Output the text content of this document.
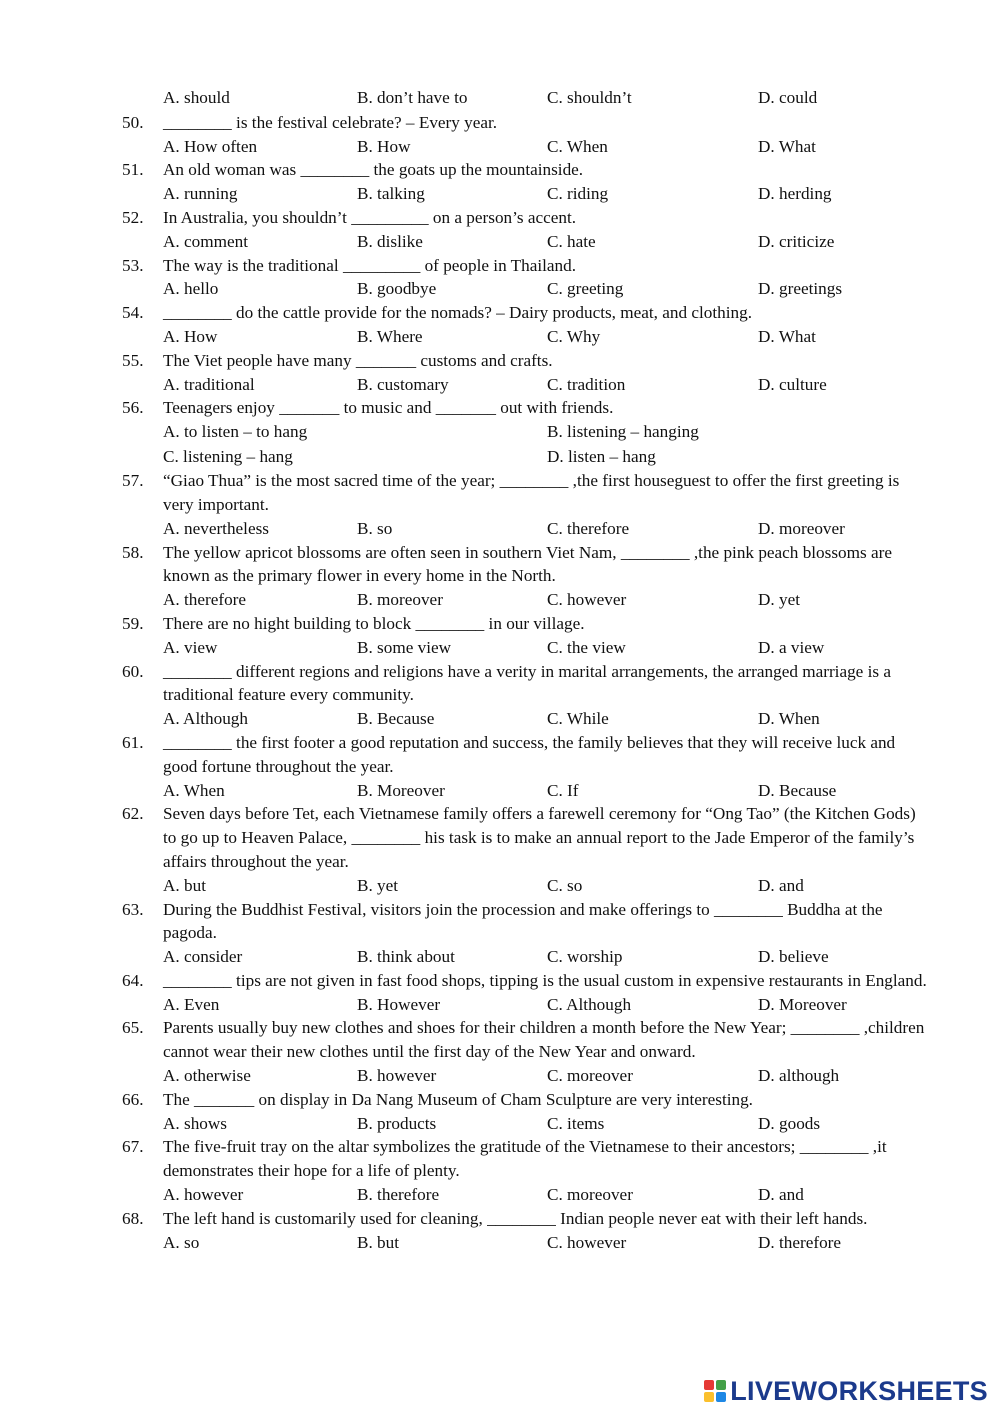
A. should	B. don’t have to	C. shouldn’t	D. could
50. ________ is the festival celebrate? – Every year.
A. How often	B. How	C. When	D. What
51. An old woman was ________ the goats up the mountainside.
A. running	B. talking	C. riding	D. herding
52. In Australia, you shouldn’t _________ on a person’s accent.
A. comment	B. dislike	C. hate	D. criticize
53. The way is the traditional _________ of people in Thailand.
A. hello	B. goodbye	C. greeting	D. greetings
54. ________ do the cattle provide for the nomads? – Dairy products, meat, and clothing.
A. How	B. Where	C. Why	D. What
55. The Viet people have many _______ customs and crafts.
A. traditional	B. customary	C. tradition	D. culture
56. Teenagers enjoy _______ to music and _______ out with friends.
A. to listen – to hang	B. listening – hanging
C. listening – hang	D. listen – hang
57. “Giao Thua” is the most sacred time of the year; ________ ,the first houseguest to offer the first greeting is very important.
A. nevertheless	B. so	C. therefore	D. moreover
58. The yellow apricot blossoms are often seen in southern Viet Nam, ________ ,the pink peach blossoms are known as the primary flower in every home in the North.
A. therefore	B. moreover	C. however	D. yet
59. There are no hight building to block ________ in our village.
A. view	B. some view	C. the view	D. a view
60. ________ different regions and religions have a verity in marital arrangements, the arranged marriage is a traditional feature every community.
A. Although	B. Because	C. While	D. When
61. ________ the first footer a good reputation and success, the family believes that they will receive luck and good fortune throughout the year.
A. When	B. Moreover	C. If	D. Because
62. Seven days before Tet, each Vietnamese family offers a farewell ceremony for “Ong Tao” (the Kitchen Gods) to go up to Heaven Palace, ________ his task is to make an annual report to the Jade Emperor of the family’s affairs throughout the year.
A. but	B. yet	C. so	D. and
63. During the Buddhist Festival, visitors join the procession and make offerings to ________ Buddha at the pagoda.
A. consider	B. think about	C. worship	D. believe
64. ________ tips are not given in fast food shops, tipping is the usual custom in expensive restaurants in England.
A. Even	B. However	C. Although	D. Moreover
65. Parents usually buy new clothes and shoes for their children a month before the New Year; ________ ,children cannot wear their new clothes until the first day of the New Year and onward.
A. otherwise	B. however	C. moreover	D. although
66. The _______ on display in Da Nang Museum of Cham Sculpture are very interesting.
A. shows	B. products	C. items	D. goods
67. The five-fruit tray on the altar symbolizes the gratitude of the Vietnamese to their ancestors; ________ ,it demonstrates their hope for a life of plenty.
A. however	B. therefore	C. moreover	D. and
68. The left hand is customarily used for cleaning, ________ Indian people never eat with their left hands.
A. so	B. but	C. however	D. therefore
LIVEWORKSHEETS
